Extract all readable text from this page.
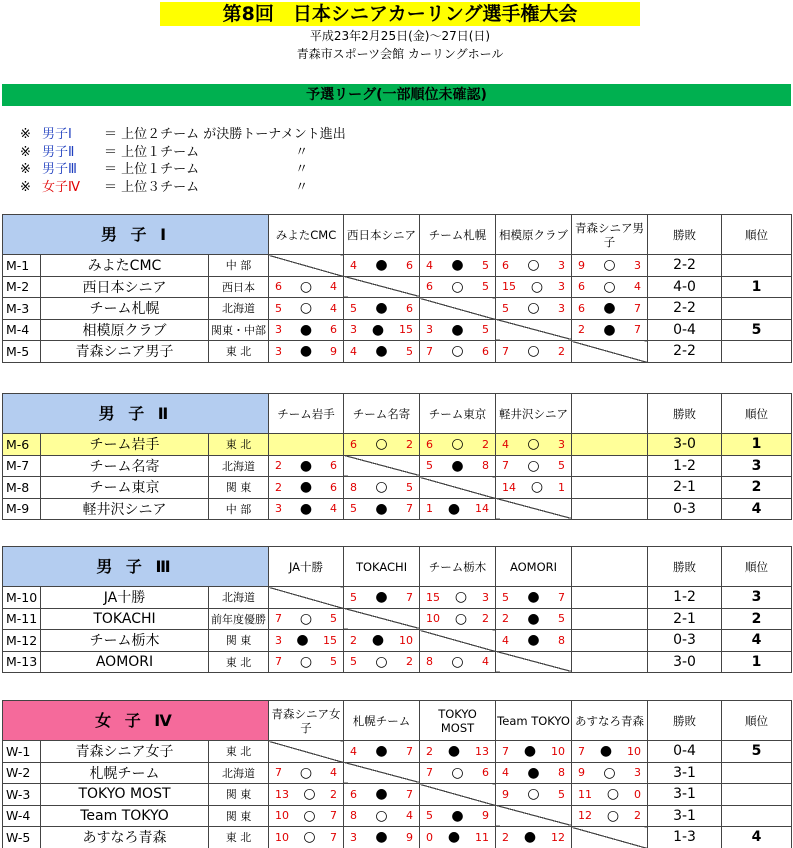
第8回　日本シニアカーリング選手権大会
平成23年2月25日(金)～27日(日)
青森市スポーツ会館 カーリングホール
予選リーグ(一部順位未確認)
※ 男子Ⅰ	＝ 上位２チーム が決勝トーナメント進出
※ 男子Ⅱ	＝ 上位１チーム	〃
※ 男子Ⅲ	＝ 上位１チーム	〃
※ 女子Ⅳ	＝ 上位３チーム	〃
男 子 Ⅰ			みよたCMC	西日本シニア	チーム札幌	相模原クラブ	青森シニア男子	勝敗	順位
M-1	みよたCMC	中 部		4 ● 6	4 ● 5	6 ○ 3	9 ○ 3	2-2	
M-2	西日本シニア	西日本	6 ○ 4		6 ○ 5	15 ○ 3	6 ○ 4	4-0	1
M-3	チーム札幌	北海道	5 ○ 4	5 ● 6		5 ○ 3	6 ● 7	2-2	
M-4	相模原クラブ	関東・中部	3 ● 6	3 ● 15	3 ● 5		2 ● 7	0-4	5
M-5	青森シニア男子	東 北	3 ● 9	4 ● 5	7 ○ 6	7 ○ 2		2-2	
男 子 Ⅱ			チーム岩手	チーム名寄	チーム東京	軽井沢シニア		勝敗	順位
M-6	チーム岩手	東 北		6 ○ 2	6 ○ 2	4 ○ 3		3-0	1
M-7	チーム名寄	北海道	2 ● 6		5 ● 8	7 ○ 5		1-2	3
M-8	チーム東京	関 東	2 ● 6	8 ○ 5		14 ○ 1		2-1	2
M-9	軽井沢シニア	中 部	3 ● 4	5 ● 7	1 ● 14			0-3	4
男 子 Ⅲ			JA十勝	TOKACHI	チーム栃木	AOMORI		勝敗	順位
M-10	JA十勝	北海道		5 ● 7	15 ○ 3	5 ● 7		1-2	3
M-11	TOKACHI	前年度優勝	7 ○ 5		10 ○ 2	2 ● 5		2-1	2
M-12	チーム栃木	関 東	3 ● 15	2 ● 10		4 ● 8		0-3	4
M-13	AOMORI	東 北	7 ○ 5	5 ○ 2	8 ○ 4			3-0	1
女 子 Ⅳ			青森シニア女子	札幌チーム	TOKYO MOST	Team TOKYO	あすなろ青森	勝敗	順位
W-1	青森シニア女子	東 北		4 ● 7	2 ● 13	7 ● 10	7 ● 10	0-4	5
W-2	札幌チーム	北海道	7 ○ 4		7 ○ 6	4 ● 8	9 ○ 3	3-1	
W-3	TOKYO MOST	関 東	13 ○ 2	6 ● 7		9 ○ 5	11 ○ 0	3-1	
W-4	Team TOKYO	関 東	10 ○ 7	8 ○ 4	5 ● 9		12 ○ 2	3-1	
W-5	あすなろ青森	東 北	10 ○ 7	3 ● 9	0 ● 11	2 ● 12		1-3	4
